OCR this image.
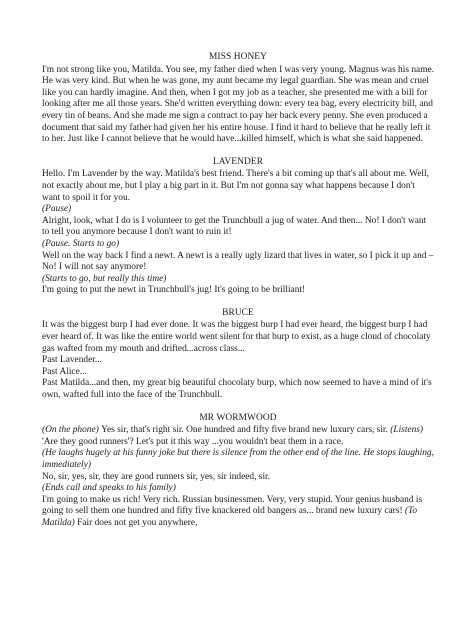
MISS HONEY

I'm not strong like you, Matilda. You see, my father died when I was very young. Magnus was his name. He was very kind. But when he was gone, my aunt became my legal guardian. She was mean and cruel like you can hardly imagine. And then, when I got my job as a teacher, she presented me with a bill for looking after me all those years. She'd written everything down: every tea bag, every electricity bill, and every tin of beans. And she made me sign a contract to pay her back every penny. She even produced a document that said my father had given her his entire house. I find it hard to believe that he really left it to her. Just like I cannot believe that he would have...killed himself, which is what she said happened.

LAVENDER

Hello. I'm Lavender by the way. Matilda's best friend. There's a bit coming up that's all about me. Well, not exactly about me, but I play a big part in it. But I'm not gonna say what happens because I don't want to spoil it for you.

(Pause)

Alright, look, what I do is I volunteer to get the Trunchbull a jug of water. And then... No! I don't want to tell you anymore because I don't want to ruin it!

(Pause. Starts to go)

Well on the way back I find a newt. A newt is a really ugly lizard that lives in water, so I pick it up and – No! I will not say anymore!

(Starts to go, but really this time)

I'm going to put the newt in Trunchbull's jug! It's going to be brilliant!

BRUCE

It was the biggest burp I had ever done. It was the biggest burp I had ever heard, the biggest burp I had ever heard of. It was like the entire world went silent for that burp to exist, as a huge cloud of chocolaty gas wafted from my mouth and drifted...across class...

Past Lavender...

Past Alice...

Past Matilda...and then, my great big beautiful chocolaty burp, which now seemed to have a mind of it's own, wafted full into the face of the Trunchbull.

MR WORMWOOD

(On the phone) Yes sir, that's right sir. One hundred and fifty five brand new luxury cars, sir. (Listens) 'Are they good runners'? Let's put it this way ...you wouldn't beat them in a race.

(He laughs hugely at his funny joke but there is silence from the other end of the line. He stops laughing, immediately)

No, sir, yes, sir, they are good runners sir, yes, sir indeed, sir.

(Ends call and speaks to his family)

I'm going to make us rich! Very rich. Russian businessmen. Very, very stupid. Your genius husband is going to sell them one hundred and fifty five knackered old bangers as... brand new luxury cars! (To Matilda) Fair does not get you anywhere,
